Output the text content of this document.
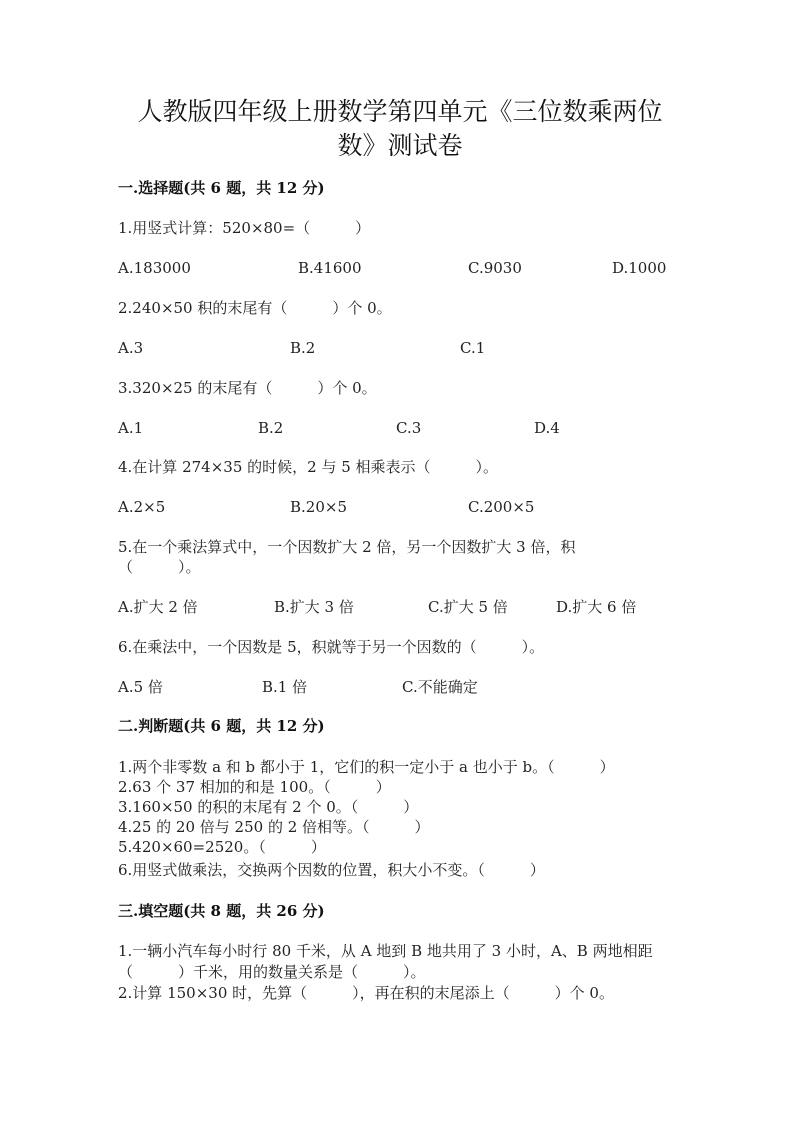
人教版四年级上册数学第四单元《三位数乘两位
数》测试卷
一.选择题(共 6 题，共 12 分)
1.用竖式计算：520×80=（　　　）
A.183000	B.41600	C.9030	D.1000
2.240×50 积的末尾有（　　　）个 0。
A.3	B.2	C.1
3.320×25 的末尾有（　　　）个 0。
A.1	B.2	C.3	D.4
4.在计算 274×35 的时候，2 与 5 相乘表示（　　　）。
A.2×5	B.20×5	C.200×5
5.在一个乘法算式中，一个因数扩大 2 倍，另一个因数扩大 3 倍，积
（　　　）。
A.扩大 2 倍	B.扩大 3 倍	C.扩大 5 倍	D.扩大 6 倍
6.在乘法中，一个因数是 5，积就等于另一个因数的（　　　）。
A.5 倍	B.1 倍	C.不能确定
二.判断题(共 6 题，共 12 分)
1.两个非零数 a 和 b 都小于 1，它们的积一定小于 a 也小于 b。（　　　）
2.63 个 37 相加的和是 100。（　　　）
3.160×50 的积的末尾有 2 个 0。（　　　）
4.25 的 20 倍与 250 的 2 倍相等。（　　　）
5.420×60=2520。（　　　）
6.用竖式做乘法，交换两个因数的位置，积大小不变。（　　　）
三.填空题(共 8 题，共 26 分)
1.一辆小汽车每小时行 80 千米，从 A 地到 B 地共用了 3 小时，A、B 两地相距
（　　　）千米，用的数量关系是（　　　）。
2.计算 150×30 时，先算（　　　），再在积的末尾添上（　　　）个 0。
